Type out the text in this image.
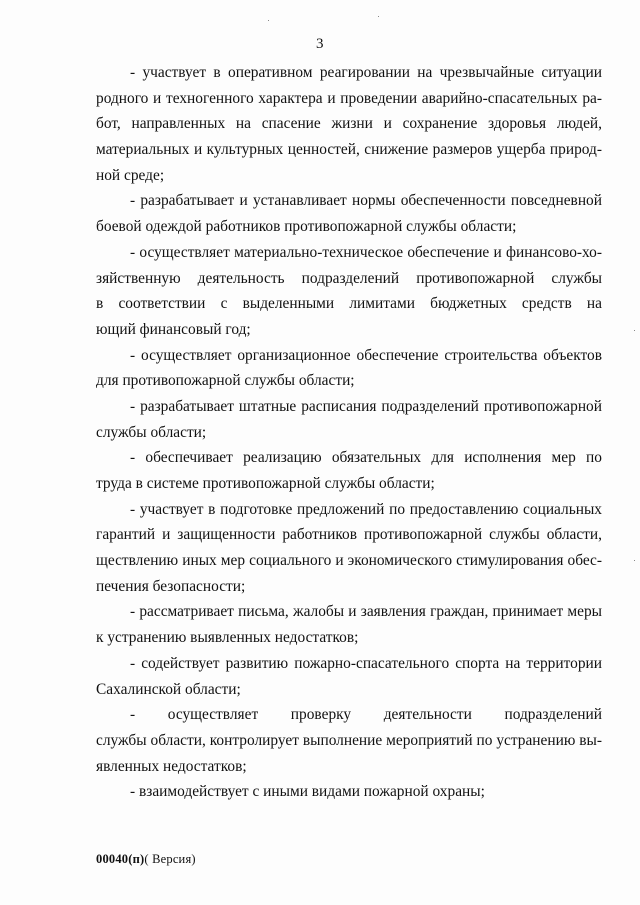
3
- участвует в оперативном реагировании на чрезвычайные ситуации
родного и техногенного характера и проведении аварийно-спасательных ра-
бот, направленных на спасение жизни и сохранение здоровья людей,
материальных и культурных ценностей, снижение размеров ущерба природ-
ной среде;
- разрабатывает и устанавливает нормы обеспеченности повседневной
боевой одеждой работников противопожарной службы области;
- осуществляет материально-техническое обеспечение и финансово-хо-
зяйственную деятельность подразделений противопожарной службы
в соответствии с выделенными лимитами бюджетных средств на
ющий финансовый год;
- осуществляет организационное обеспечение строительства объектов
для противопожарной службы области;
- разрабатывает штатные расписания подразделений противопожарной
службы области;
- обеспечивает реализацию обязательных для исполнения мер по
труда в системе противопожарной службы области;
- участвует в подготовке предложений по предоставлению социальных
гарантий и защищенности работников противопожарной службы области,
ществлению иных мер социального и экономического стимулирования обес-
печения безопасности;
- рассматривает письма, жалобы и заявления граждан, принимает меры
к устранению выявленных недостатков;
- содействует развитию пожарно-спасательного спорта на территории
Сахалинской области;
- осуществляет проверку деятельности подразделений
службы области, контролирует выполнение мероприятий по устранению вы-
явленных недостатков;
- взаимодействует с иными видами пожарной охраны;
00040(п)( Версия)
